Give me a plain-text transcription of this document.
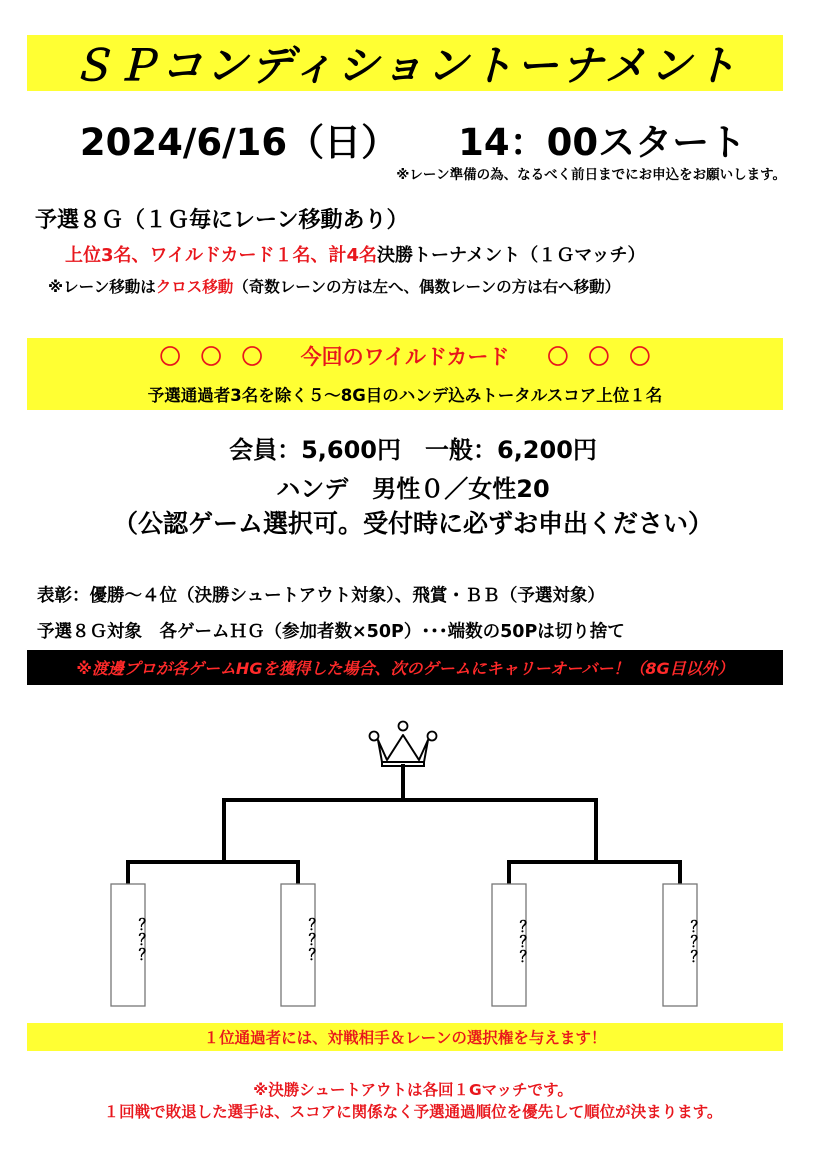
ＳＰコンディショントーナメント
2024/6/16（日） 14：00スタート
※レーン準備の為、なるべく前日までにお申込をお願いします。
予選８Ｇ（１Ｇ毎にレーン移動あり）
上位3名、ワイルドカード１名、計4名決勝トーナメント（１Ｇマッチ）
※レーン移動はクロス移動（奇数レーンの方は左へ、偶数レーンの方は右へ移動）
〇 〇 〇 今回のワイルドカード 〇 〇 〇
予選通過者3名を除く５～8G目のハンデ込みトータルスコア上位１名
会員：5,600円　一般：6,200円
ハンデ　男性０／女性20
（公認ゲーム選択可。受付時に必ずお申出ください）
表彰：優勝～４位（決勝シュートアウト対象）、飛賞・ＢＢ（予選対象）
予選８Ｇ対象　各ゲームＨＧ（参加者数×50P）･･･端数の50Pは切り捨て
※渡邊プロが各ゲームHGを獲得した場合、次のゲームにキャリーオーバー！（8G目以外）
？？？	？？？	？？？	？？？
１位通過者には、対戦相手＆レーンの選択権を与えます！
※決勝シュートアウトは各回１Gマッチです。
１回戦で敗退した選手は、スコアに関係なく予選通過順位を優先して順位が決まります。
